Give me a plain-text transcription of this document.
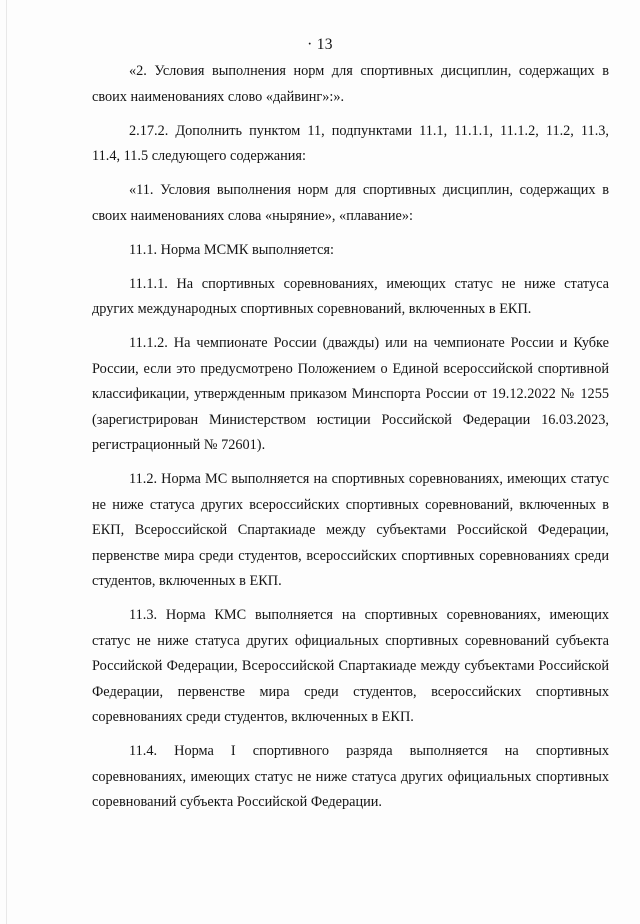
· 13

«2. Условия выполнения норм для спортивных дисциплин, содержащих в своих наименованиях слово «дайвинг»:».

2.17.2. Дополнить пунктом 11, подпунктами 11.1, 11.1.1, 11.1.2, 11.2, 11.3, 11.4, 11.5 следующего содержания:

«11. Условия выполнения норм для спортивных дисциплин, содержащих в своих наименованиях слова «ныряние», «плавание»:

11.1. Норма МСМК выполняется:

11.1.1. На спортивных соревнованиях, имеющих статус не ниже статуса других международных спортивных соревнований, включенных в ЕКП.

11.1.2. На чемпионате России (дважды) или на чемпионате России и Кубке России, если это предусмотрено Положением о Единой всероссийской спортивной классификации, утвержденным приказом Минспорта России от 19.12.2022 № 1255 (зарегистрирован Министерством юстиции Российской Федерации 16.03.2023, регистрационный № 72601).

11.2. Норма МС выполняется на спортивных соревнованиях, имеющих статус не ниже статуса других всероссийских спортивных соревнований, включенных в ЕКП, Всероссийской Спартакиаде между субъектами Российской Федерации, первенстве мира среди студентов, всероссийских спортивных соревнованиях среди студентов, включенных в ЕКП.

11.3. Норма КМС выполняется на спортивных соревнованиях, имеющих статус не ниже статуса других официальных спортивных соревнований субъекта Российской Федерации, Всероссийской Спартакиаде между субъектами Российской Федерации, первенстве мира среди студентов, всероссийских спортивных соревнованиях среди студентов, включенных в ЕКП.

11.4. Норма I спортивного разряда выполняется на спортивных соревнованиях, имеющих статус не ниже статуса других официальных спортивных соревнований субъекта Российской Федерации.
